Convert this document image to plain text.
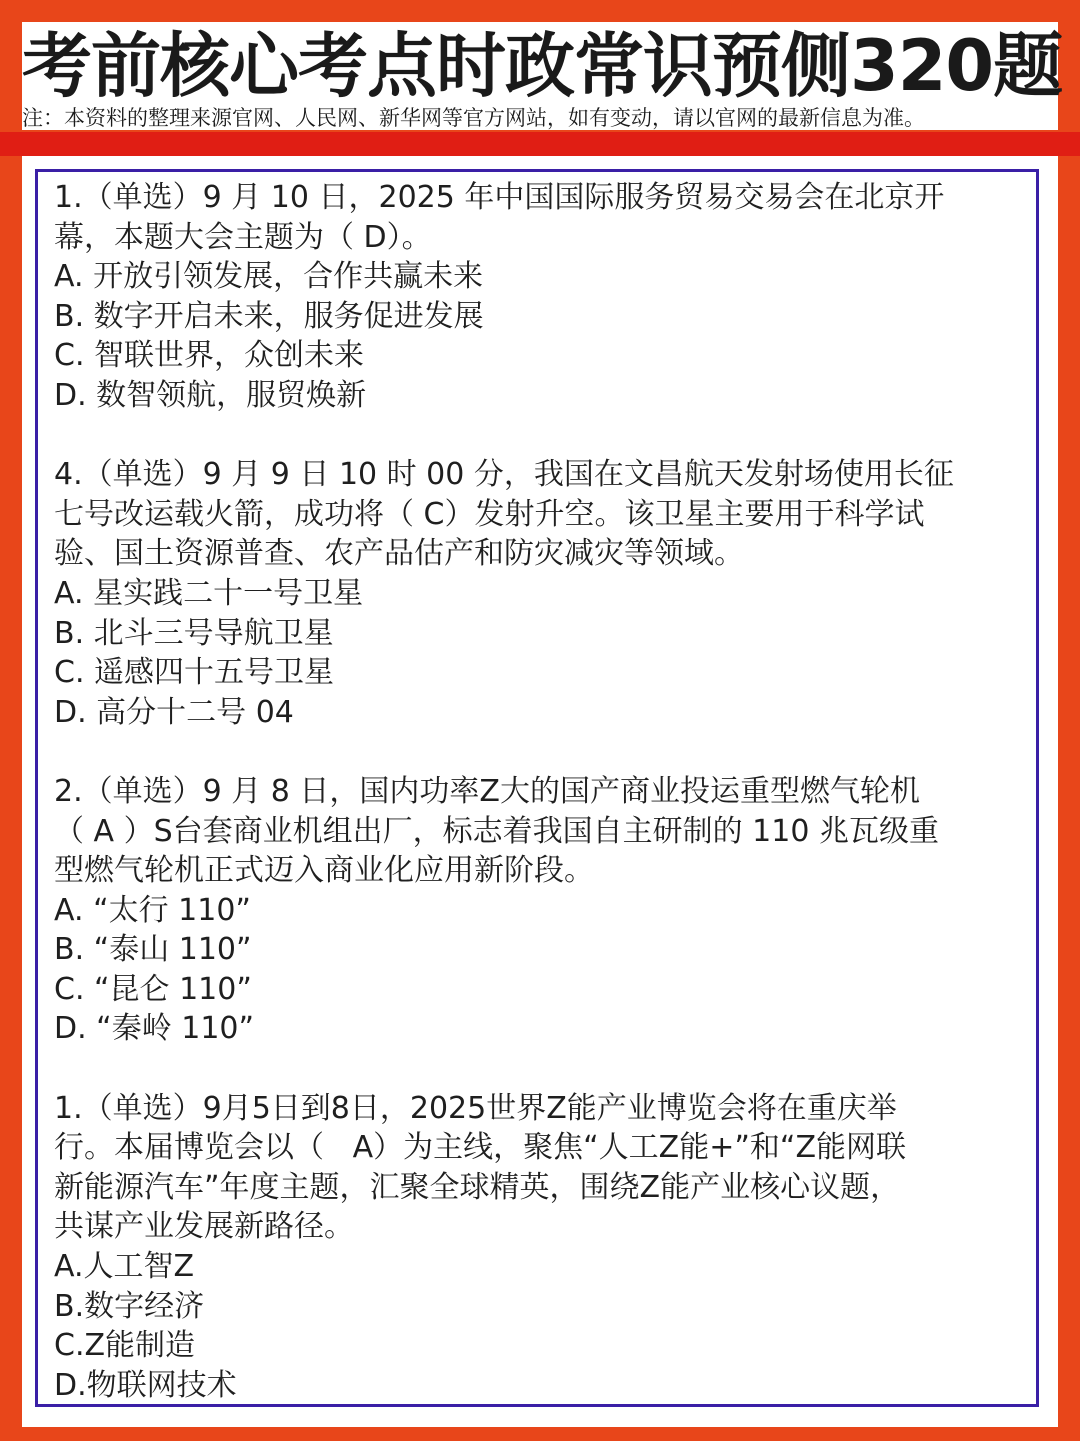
考前核心考点时政常识预侧320题
注：本资料的整理来源官网、人民网、新华网等官方网站，如有变动，请以官网的最新信息为准。
1.（单选）9 月 10 日，2025 年中国国际服务贸易交易会在北京开
幕，本题大会主题为（ D）。
A. 开放引领发展，合作共赢未来
B. 数字开启未来，服务促进发展
C. 智联世界，众创未来
D. 数智领航，服贸焕新
4.（单选）9 月 9 日 10 时 00 分，我国在文昌航天发射场使用长征
七号改运载火箭，成功将（ C）发射升空。该卫星主要用于科学试
验、国土资源普查、农产品估产和防灾减灾等领域。
A. 星实践二十一号卫星
B. 北斗三号导航卫星
C. 遥感四十五号卫星
D. 高分十二号 04
2.（单选）9 月 8 日，国内功率Z大的国产商业投运重型燃气轮机
（ A ）S台套商业机组出厂，标志着我国自主研制的 110 兆瓦级重
型燃气轮机正式迈入商业化应用新阶段。
A. “太行 110”
B. “泰山 110”
C. “昆仑 110”
D. “秦岭 110”
1.（单选）9月5日到8日，2025世界Z能产业博览会将在重庆举
行。本届博览会以（   A）为主线，聚焦“人工Z能+”和“Z能网联
新能源汽车”年度主题，汇聚全球精英，围绕Z能产业核心议题，
共谋产业发展新路径。
A.人工智Z
B.数字经济
C.Z能制造
D.物联网技术
